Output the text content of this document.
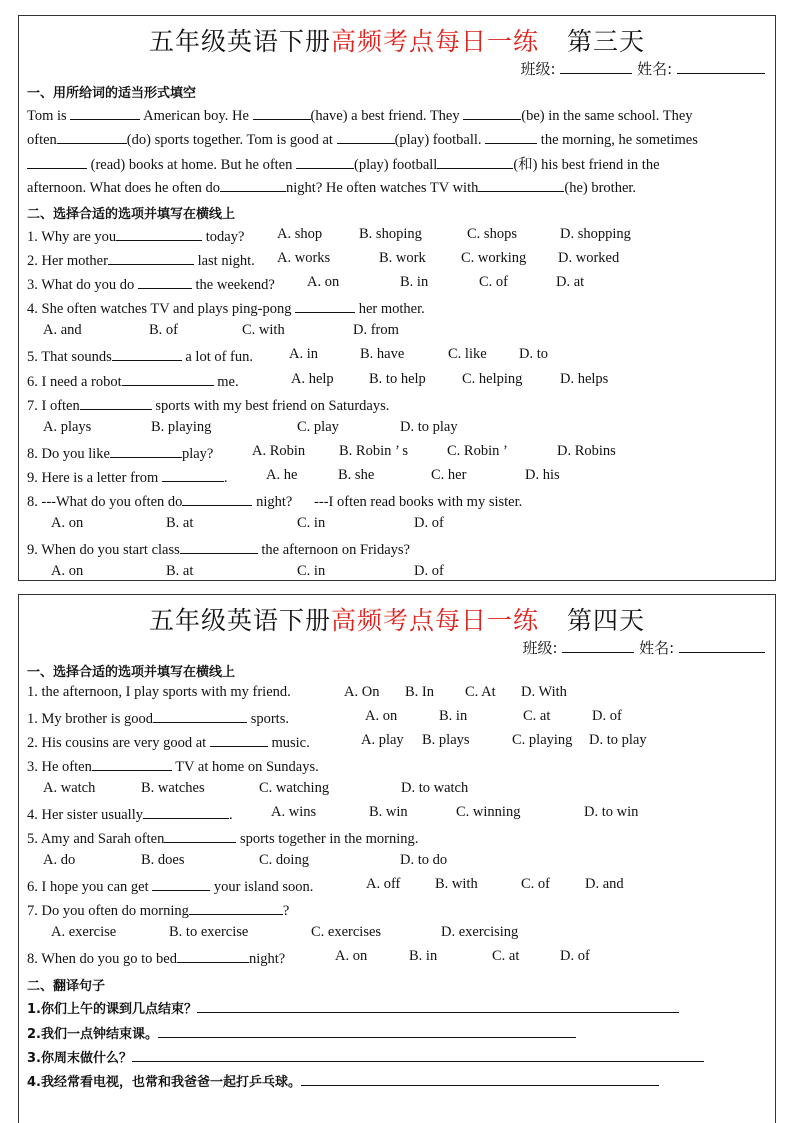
五年级英语下册高频考点每日一练 第三天
班级:	姓名:
一、用所给词的适当形式填空
Tom is	American boy. He	(have) a best friend. They	(be) in the same school. They
often	(do) sports together. Tom is good at	(play) football.	the morning, he sometimes
(read) books at home. But he often	(play) football	(和) his best friend in the
afternoon. What does he often do	night? He often watches TV with	(he) brother.
二、选择合适的选项并填写在横线上
1. Why are you	today? A. shop	B. shoping	C. shops	D. shopping
2. Her mother	last night. A. works	B. work C. working D. worked
3. What do you do	the weekend? A. on	B. in	C. of	D. at
4. She often watches TV and plays ping-pong	her mother.
A. and	B. of	C. with	D. from
5. That sounds	a lot of fun. A. in	B. have	C. like D. to
6. I need a robot	me.	A. help B. to help C. helping	D. helps
7. I often	sports with my best friend on Saturdays.
A. plays	B. playing	C. play	D. to play
8. Do you like	play?	A. Robin B. Robin ’ s	C. Robin ’	D. Robins
9. Here is a letter from	.	A. he	B. she	C. her	D. his
8. ---What do you often do	night?      ---I often read books with my sister.
A. on	B. at	C. in	D. of
9. When do you start class	the afternoon on Fridays?
A. on	B. at	C. in	D. of
五年级英语下册高频考点每日一练 第四天
班级:	姓名:
一、选择合适的选项并填写在横线上
1. the afternoon, I play sports with my friend.	A. On B. In C. At D. With
1. My brother is good	sports.	A. on	B. in	C. at	D. of
2. His cousins are very good at	music.	A. play B. plays	C. playing D. to play
3. He often	TV at home on Sundays.
A. watch	B. watches	C. watching	D. to watch
4. Her sister usually	.	A. wins	B. win	C. winning	D. to win
5. Amy and Sarah often	sports together in the morning.
A. do	B. does	C. doing	D. to do
6. I hope you can get	your island soon.	A. off B. with	C. of D. and
7. Do you often do morning	?
A. exercise	B. to exercise	C. exercises	D. exercising
8. When do you go to bed	night?	A. on	B. in	C. at	D. of
二、翻译句子
1.你们上午的课到几点结束？
2.我们一点钟结束课。
3.你周末做什么？
4.我经常看电视，也常和我爸爸一起打乒乓球。
